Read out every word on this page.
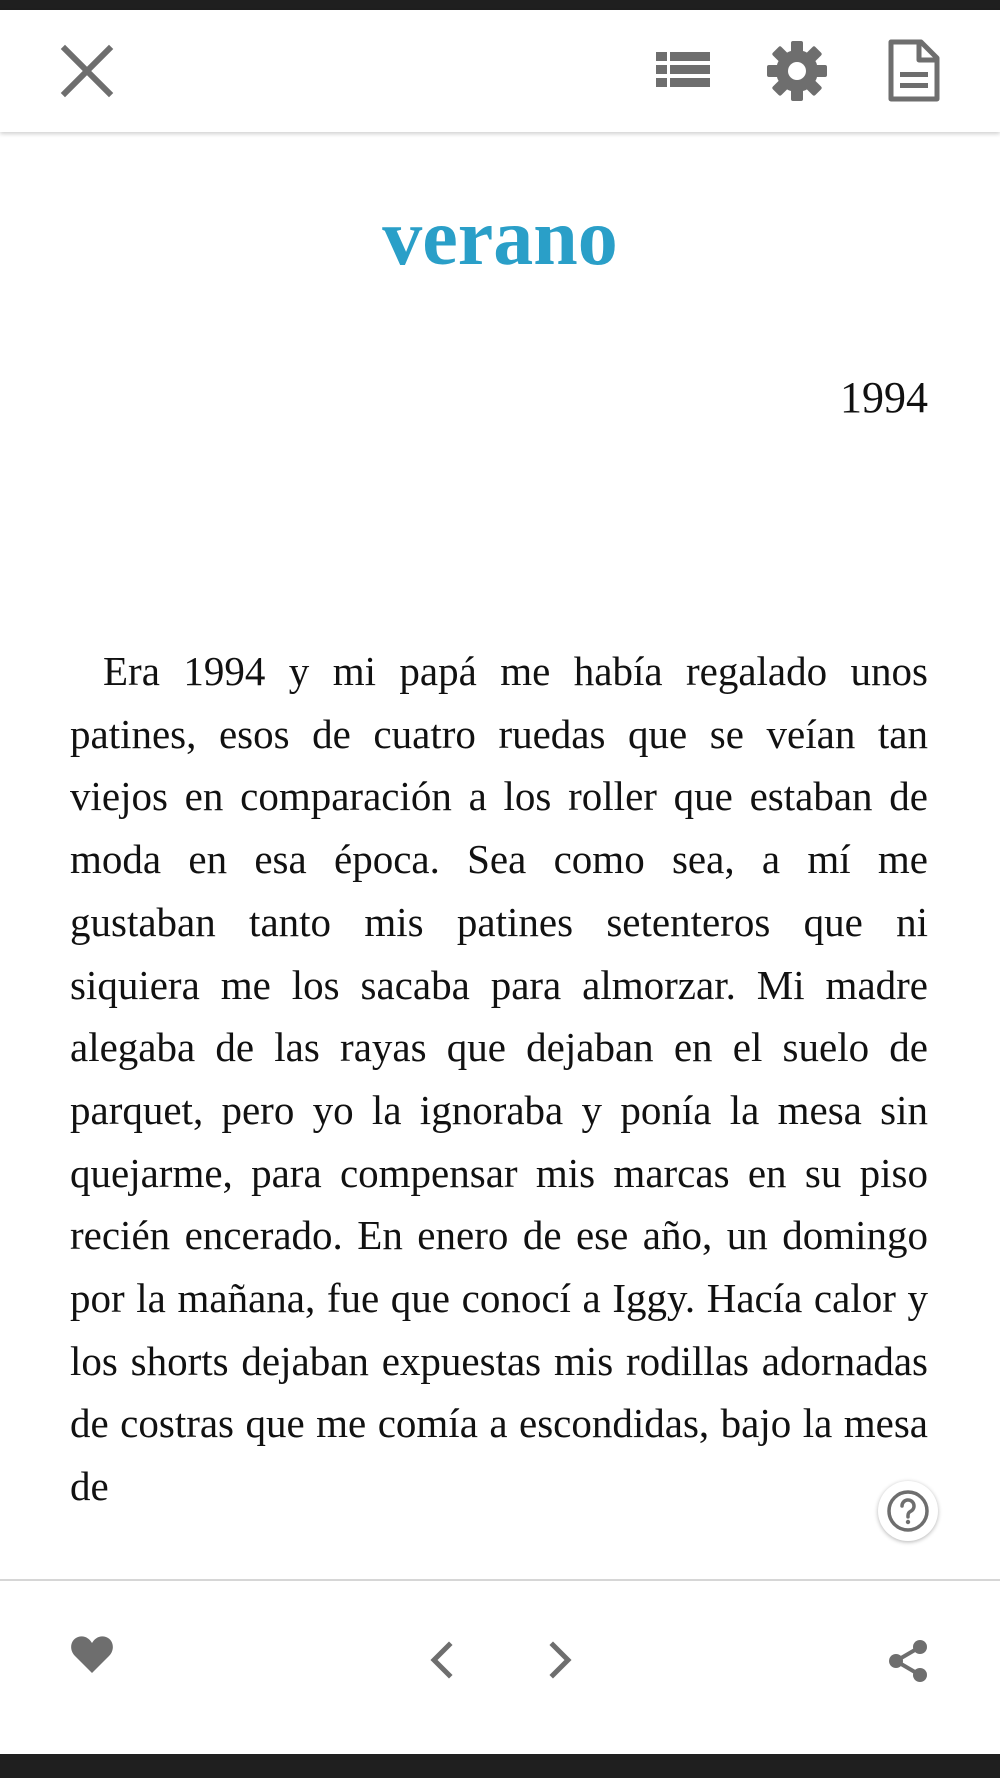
verano
1994

Era 1994 y mi papá me había regalado unos patines, esos de cuatro ruedas que se veían tan viejos en comparación a los roller que estaban de moda en esa época. Sea como sea, a mí me gustaban tanto mis patines setenteros que ni siquiera me los sacaba para almorzar. Mi madre alegaba de las rayas que dejaban en el suelo de parquet, pero yo la ignoraba y ponía la mesa sin quejarme, para compensar mis marcas en su piso recién encerado. En enero de ese año, un domingo por la mañana, fue que conocí a Iggy. Hacía calor y los shorts dejaban expuestas mis rodillas adornadas de costras que me comía a escondidas, bajo la mesa de
